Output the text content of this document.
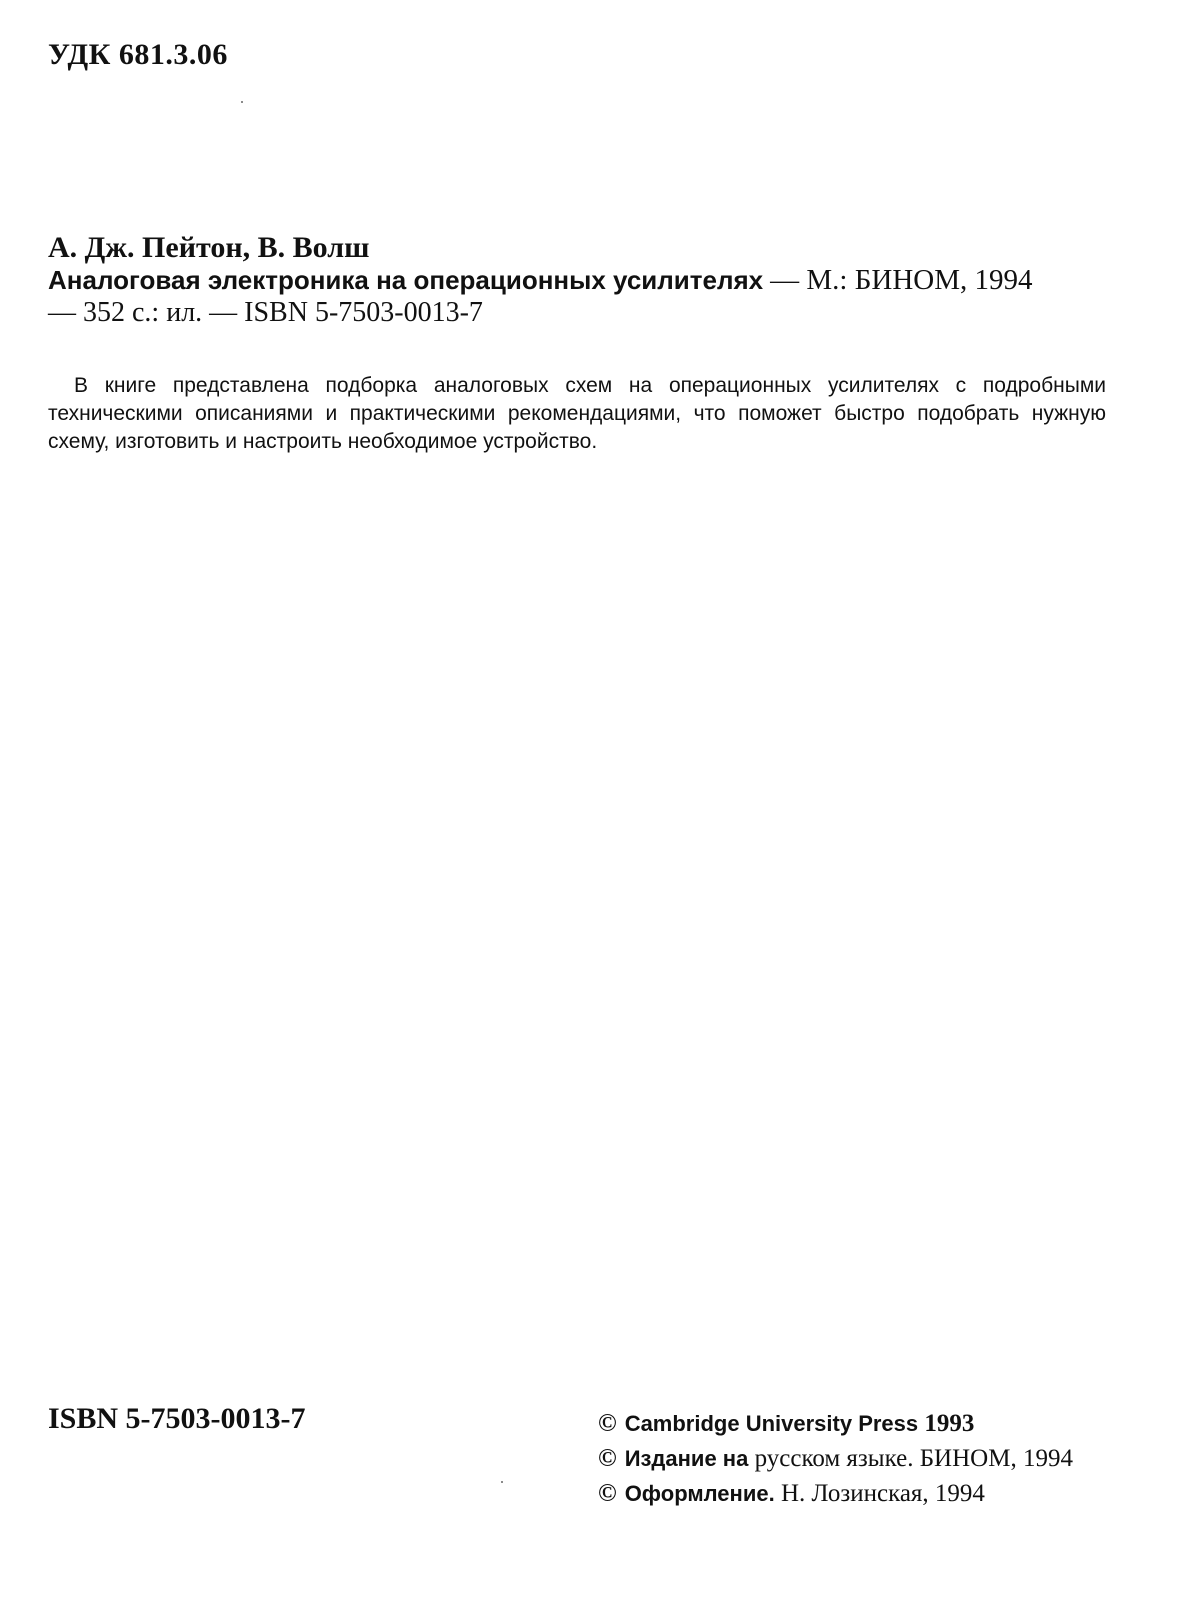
УДК 681.3.06
А. Дж. Пейтон, В. Волш
Аналоговая электроника на операционных усилителях — М.: БИНОМ, 1994
— 352 с.: ил. — ISBN 5-7503-0013-7

В книге представлена подборка аналоговых схем на операционных усилителях с подробными техническими описаниями и практическими рекомендациями, что поможет быстро подобрать нужную схему, изготовить и настроить необходимое устройство.

ISBN 5-7503-0013-7	© Cambridge University Press 1993
© Издание на русском языке. БИНОМ, 1994
© Оформление. Н. Лозинская, 1994
